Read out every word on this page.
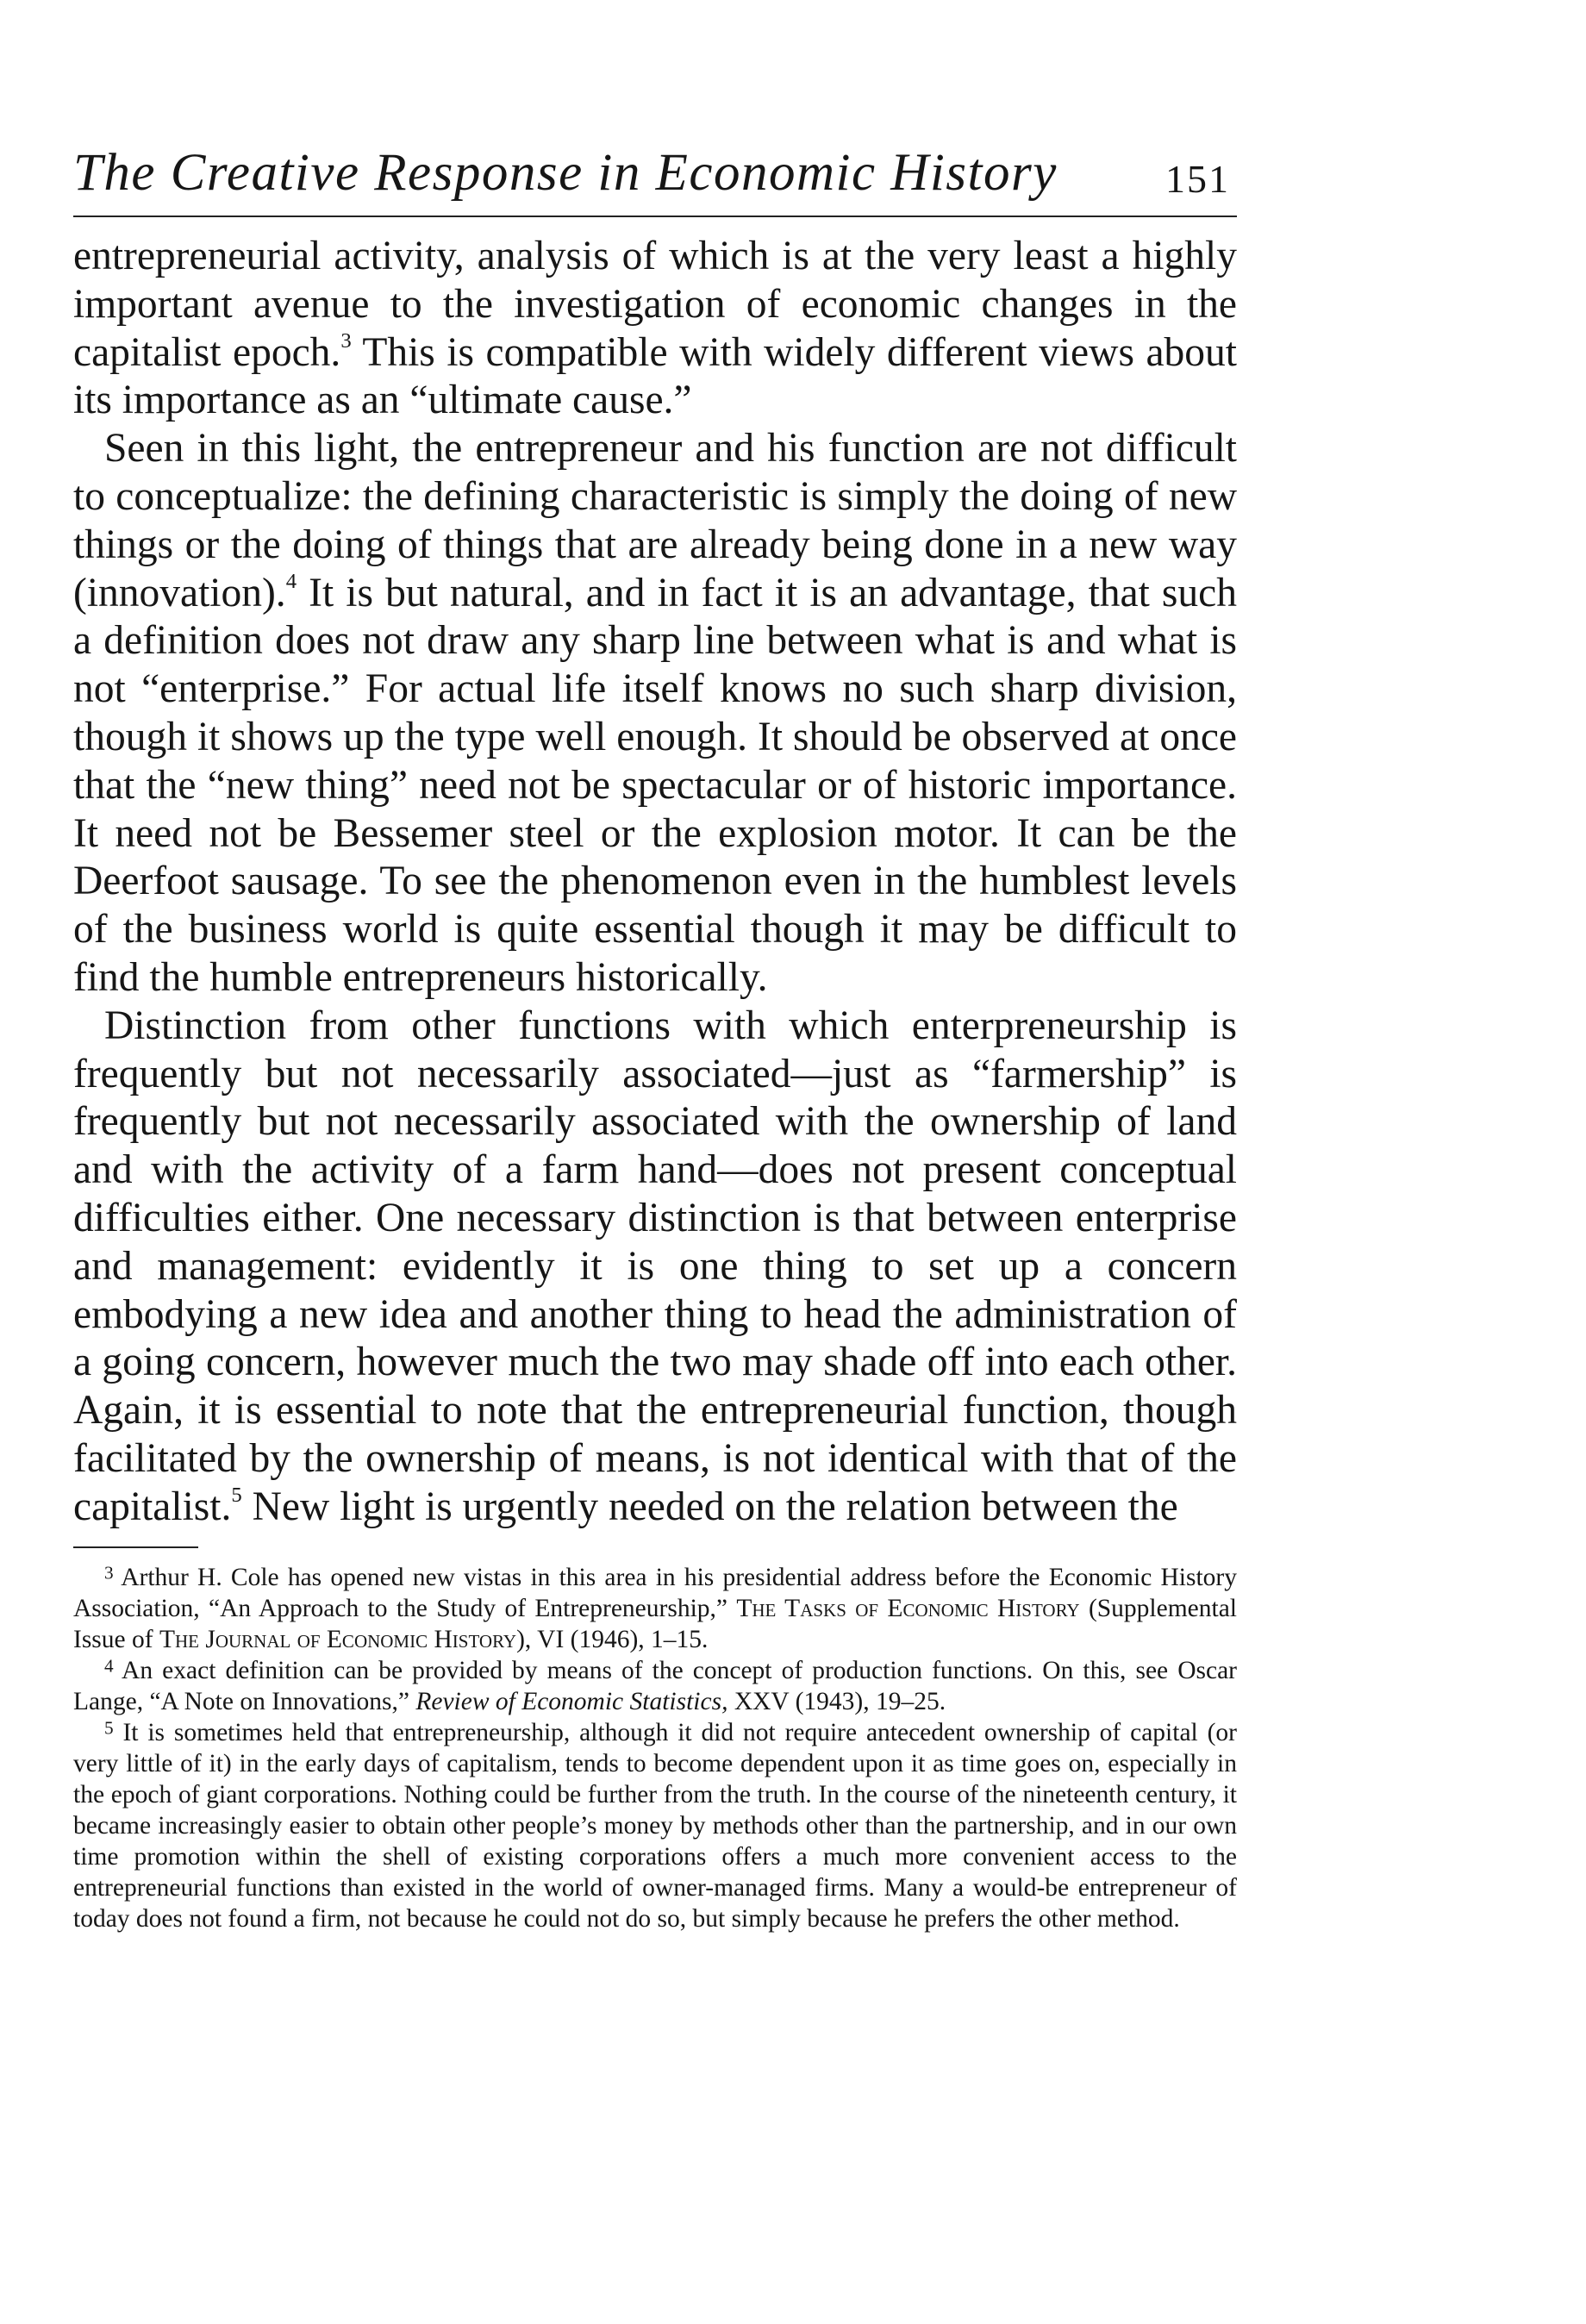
The Creative Response in Economic History	151

entrepreneurial activity, analysis of which is at the very least a highly important avenue to the investigation of economic changes in the capitalist epoch.$^3$ This is compatible with widely different views about its importance as an “ultimate cause.”

Seen in this light, the entrepreneur and his function are not difficult to conceptualize: the defining characteristic is simply the doing of new things or the doing of things that are already being done in a new way (innovation).$^4$ It is but natural, and in fact it is an advantage, that such a definition does not draw any sharp line between what is and what is not “enterprise.” For actual life itself knows no such sharp division, though it shows up the type well enough. It should be observed at once that the “new thing” need not be spectacular or of historic importance. It need not be Bessemer steel or the explosion motor. It can be the Deerfoot sausage. To see the phenomenon even in the humblest levels of the business world is quite essential though it may be difficult to find the humble entrepreneurs historically.

Distinction from other functions with which enterpreneurship is frequently but not necessarily associated—just as “farmership” is frequently but not necessarily associated with the ownership of land and with the activity of a farm hand—does not present conceptual difficulties either. One necessary distinction is that between enterprise and management: evidently it is one thing to set up a concern embodying a new idea and another thing to head the administration of a going concern, however much the two may shade off into each other. Again, it is essential to note that the entrepreneurial function, though facilitated by the ownership of means, is not identical with that of the capitalist.$^5$ New light is urgently needed on the relation between the

$^3$ Arthur H. Cole has opened new vistas in this area in his presidential address before the Economic History Association, “An Approach to the Study of Entrepreneurship,” The Tasks of Economic History (Supplemental Issue of The Journal of Economic History), VI (1946), 1–15.

$^4$ An exact definition can be provided by means of the concept of production functions. On this, see Oscar Lange, “A Note on Innovations,” Review of Economic Statistics, XXV (1943), 19–25.

$^5$ It is sometimes held that entrepreneurship, although it did not require antecedent ownership of capital (or very little of it) in the early days of capitalism, tends to become dependent upon it as time goes on, especially in the epoch of giant corporations. Nothing could be further from the truth. In the course of the nineteenth century, it became increasingly easier to obtain other people’s money by methods other than the partnership, and in our own time promotion within the shell of existing corporations offers a much more convenient access to the entrepreneurial functions than existed in the world of owner-managed firms. Many a would-be entrepreneur of today does not found a firm, not because he could not do so, but simply because he prefers the other method.
